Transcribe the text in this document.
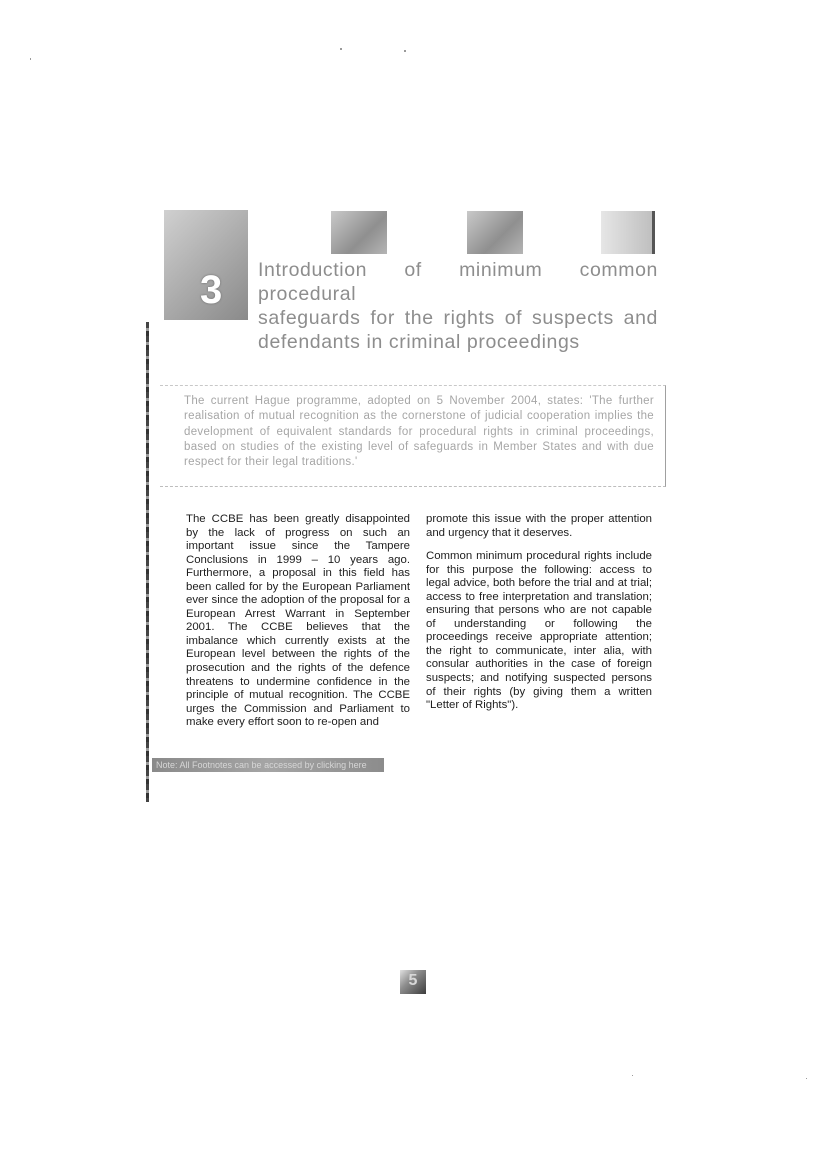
3 Introduction of minimum common procedural
safeguards for the rights of suspects and
defendants in criminal proceedings
The current Hague programme, adopted on 5 November 2004, states: 'The further realisation of mutual recognition as the cornerstone of judicial cooperation implies the development of equivalent standards for procedural rights in criminal proceedings, based on studies of the existing level of safeguards in Member States and with due respect for their legal traditions.'

The CCBE has been greatly disappointed by the lack of progress on such an important issue since the Tampere Conclusions in 1999 – 10 years ago. Furthermore, a proposal in this field has been called for by the European Parliament ever since the adoption of the proposal for a European Arrest Warrant in September 2001. The CCBE believes that the imbalance which currently exists at the European level between the rights of the prosecution and the rights of the defence threatens to undermine confidence in the principle of mutual recognition. The CCBE urges the Commission and Parliament to make every effort soon to re-open and

promote this issue with the proper attention and urgency that it deserves.

Common minimum procedural rights include for this purpose the following: access to legal advice, both before the trial and at trial; access to free interpretation and translation; ensuring that persons who are not capable of understanding or following the proceedings receive appropriate attention; the right to communicate, inter alia, with consular authorities in the case of foreign suspects; and notifying suspected persons of their rights (by giving them a written "Letter of Rights").

Note: All Footnotes can be accessed by clicking here
5
